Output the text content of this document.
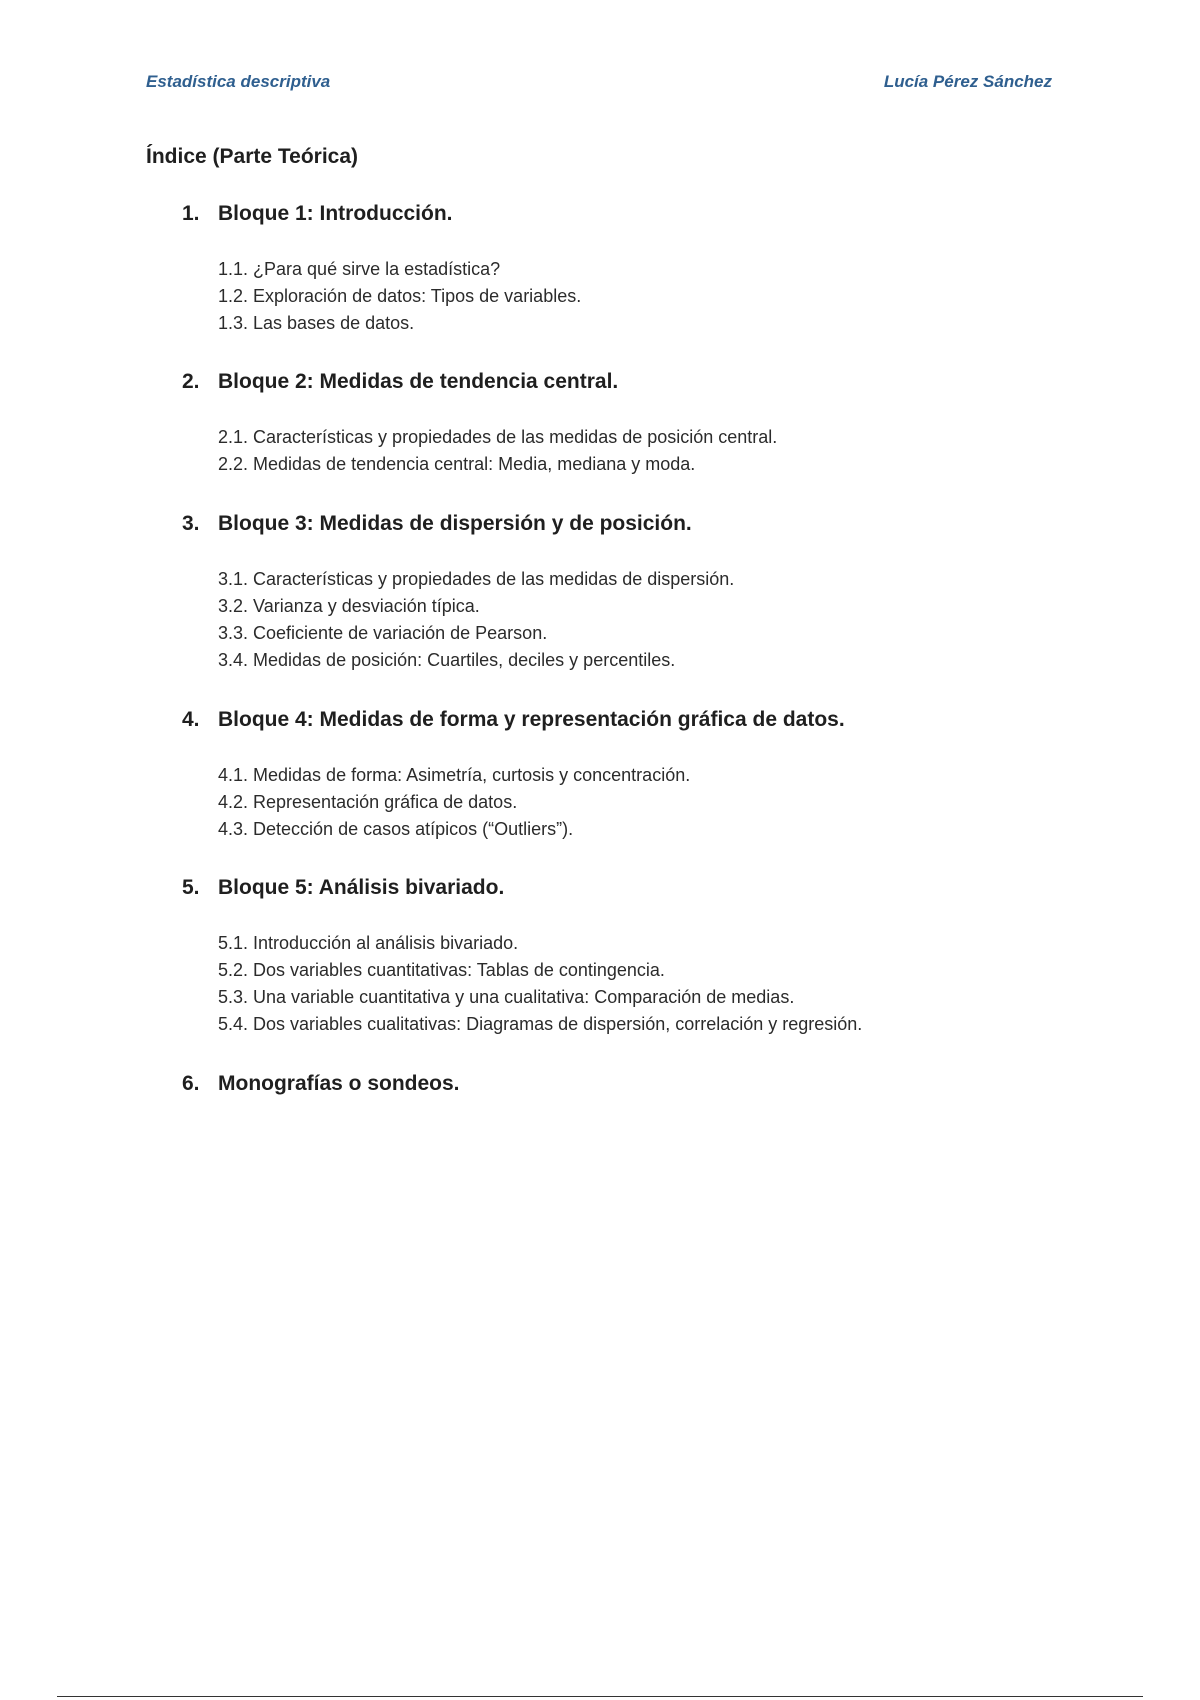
Estadística descriptiva	Lucía Pérez Sánchez
Índice (Parte Teórica)
1. Bloque 1: Introducción.
1.1. ¿Para qué sirve la estadística?
1.2. Exploración de datos: Tipos de variables.
1.3. Las bases de datos.
2. Bloque 2: Medidas de tendencia central.
2.1. Características y propiedades de las medidas de posición central.
2.2. Medidas de tendencia central: Media, mediana y moda.
3. Bloque 3: Medidas de dispersión y de posición.
3.1. Características y propiedades de las medidas de dispersión.
3.2. Varianza y desviación típica.
3.3. Coeficiente de variación de Pearson.
3.4. Medidas de posición: Cuartiles, deciles y percentiles.
4. Bloque 4: Medidas de forma y representación gráfica de datos.
4.1. Medidas de forma: Asimetría, curtosis y concentración.
4.2. Representación gráfica de datos.
4.3. Detección de casos atípicos (“Outliers”).
5. Bloque 5: Análisis bivariado.
5.1. Introducción al análisis bivariado.
5.2. Dos variables cuantitativas: Tablas de contingencia.
5.3. Una variable cuantitativa y una cualitativa: Comparación de medias.
5.4. Dos variables cualitativas: Diagramas de dispersión, correlación y regresión.
6. Monografías o sondeos.
